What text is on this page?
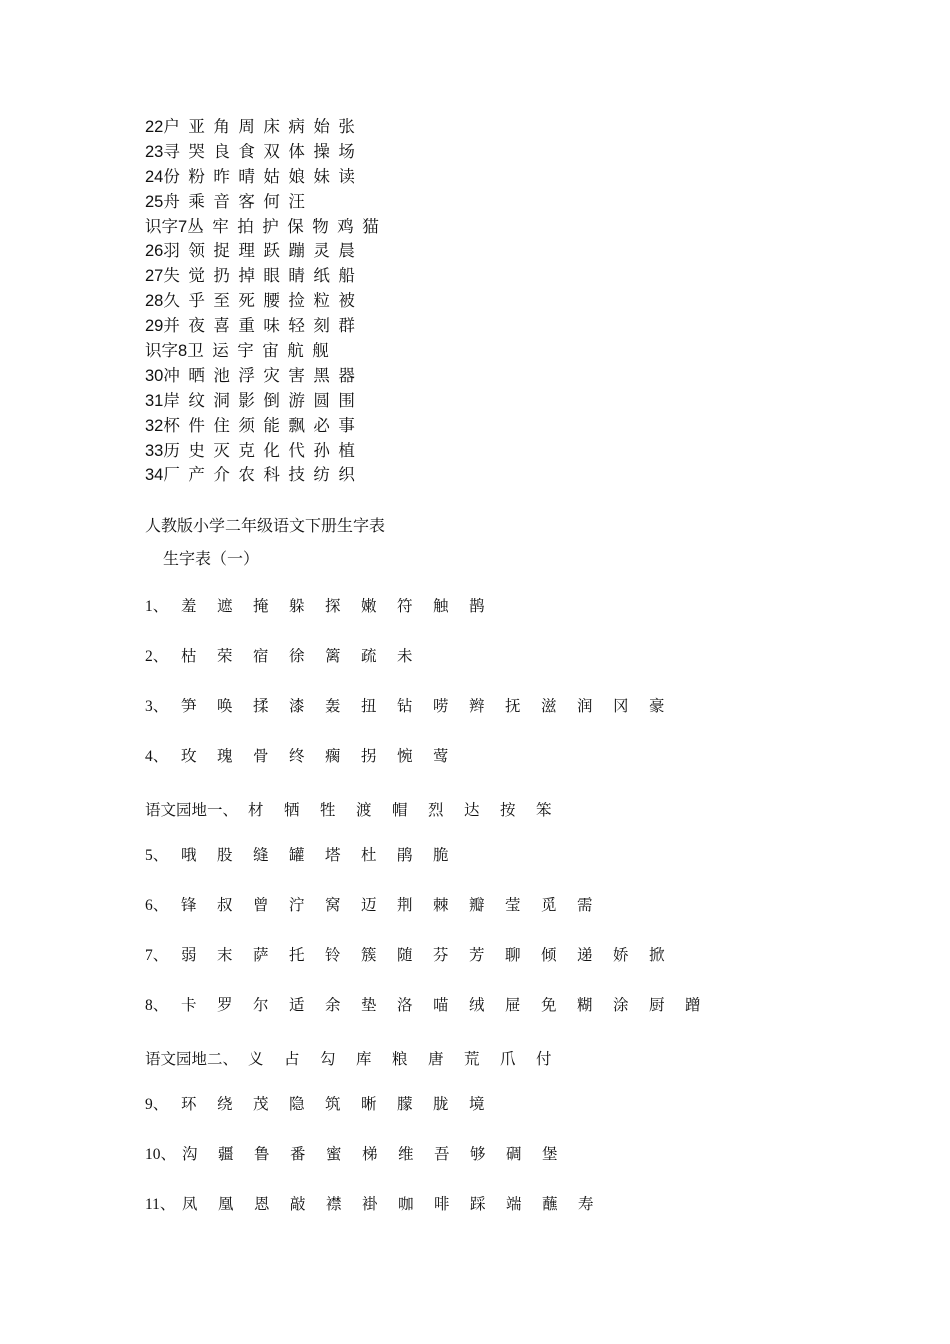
22户 亚 角 周 床 病 始 张
23寻 哭 良 食 双 体 操 场
24份 粉 昨 晴 姑 娘 妹 读
25舟 乘 音 客 何 汪
识字7丛 牢 拍 护 保 物 鸡 猫
26羽 领 捉 理 跃 蹦 灵 晨
27失 觉 扔 掉 眼 睛 纸 船
28久 乎 至 死 腰 捡 粒 被
29并 夜 喜 重 味 轻 刻 群
识字8卫 运 宇 宙 航 舰
30冲 晒 池 浮 灾 害 黑 器
31岸 纹 洞 影 倒 游 圆 围
32杯 件 住 须 能 飘 必 事
33历 史 灭 克 化 代 孙 植
34厂 产 介 农 科 技 纺 织
人教版小学二年级语文下册生字表
生字表（一）
1、 羞 遮 掩 躲 探 嫩 符 触 鹊
2、 枯 荣 宿 徐 篱 疏 未
3、 笋 唤 揉 漆 轰 扭 钻 唠 辫 抚 滋 润 冈 豪
4、 玫 瑰 骨 终 瘸 拐 惋 莺
语文园地一、 材 牺 牲 渡 帽 烈 达 按 笨
5、 哦 股 缝 罐 塔 杜 鹃 脆
6、 锋 叔 曾 泞 窝 迈 荆 棘 瓣 莹 觅 需
7、 弱 末 萨 托 铃 簇 随 芬 芳 聊 倾 递 娇 掀
8、 卡 罗 尔 适 余 垫 洛 喵 绒 屉 免 糊 涂 厨 蹭
语文园地二、 义 占 勾 库 粮 唐 荒 爪 付
9、 环 绕 茂 隐 筑 晰 朦 胧 境
10、 沟 疆 鲁 番 蜜 梯 维 吾 够 碉 堡
11、 凤 凰 恩 敲 襟 褂 咖 啡 踩 端 蘸 寿
